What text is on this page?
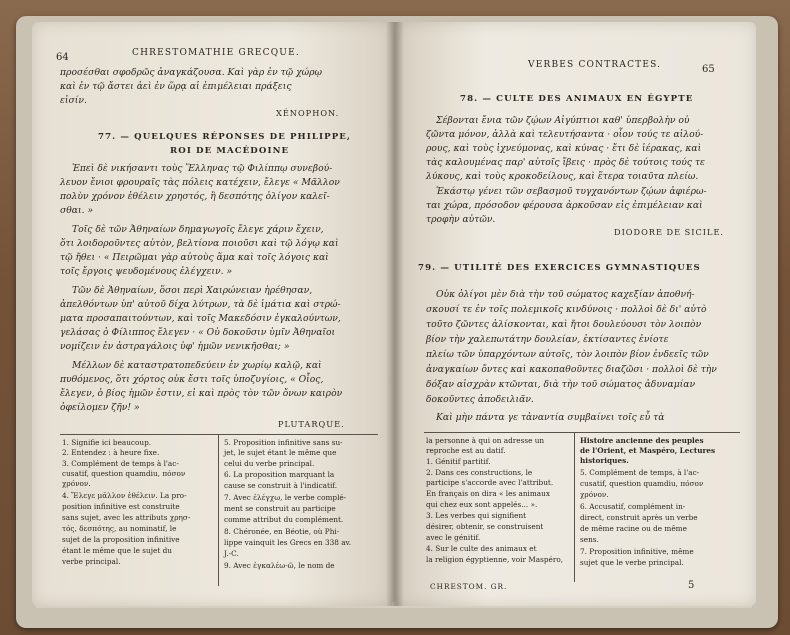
64	CHRESTOMATHIE GRECQUE.
προσέσθαι σφοδρῶς ἀναγκάζουσα. Καὶ γὰρ ἐν τῷ χώρῳ
καὶ ἐν τῷ ἄστει ἀεὶ ἐν ὥρᾳ αἱ ἐπιμέλειαι πράξεις
εἰσίν.
XÉNOPHON.
77. — QUELQUES RÉPONSES DE PHILIPPE,
ROI DE MACÉDOINE
Ἐπεὶ δὲ νικήσαντι τοὺς Ἕλληνας τῷ Φιλίππῳ συνεβού-
λευον ἔνιοι φρουραῖς τὰς πόλεις κατέχειν, ἔλεγε « Μᾶλλον
πολὺν χρόνον ἐθέλειν χρηστός, ἢ δεσπότης ὀλίγον καλεῖ-
σθαι. »
Τοῖς δὲ τῶν Ἀθηναίων δημαγωγοῖς ἔλεγε χάριν ἔχειν,
ὅτι λοιδοροῦντες αὐτὸν, βελτίονα ποιοῦσι καὶ τῷ λόγῳ καὶ
τῷ ἤθει · « Πειρῶμαι γὰρ αὐτοὺς ἅμα καὶ τοῖς λόγοις καὶ
τοῖς ἔργοις ψευδομένους ἐλέγχειν. »
Τῶν δὲ Ἀθηναίων, ὅσοι περὶ Χαιρώνειαν ἡρέθησαν,
ἀπελθόντων ὑπ' αὐτοῦ δίχα λύτρων, τὰ δὲ ἱμάτια καὶ στρώ-
ματα προσαπαιτούντων, καὶ τοῖς Μακεδόσιν ἐγκαλούντων,
γελάσας ὁ Φίλιππος ἔλεγεν · « Οὐ δοκοῦσιν ὑμῖν Ἀθηναῖοι
νομίζειν ἐν ἀστραγάλοις ὑφ' ἡμῶν νενικῆσθαι; »
Μέλλων δὲ καταστρατοπεδεύειν ἐν χωρίῳ καλῷ, καὶ
πυθόμενος, ὅτι χόρτος οὐκ ἔστι τοῖς ὑποζυγίοις, « Οἷος,
ἔλεγεν, ὁ βίος ἡμῶν ἐστιν, εἰ καὶ πρὸς τὸν τῶν ὄνων καιρὸν
ὀφείλομεν ζῆν! »
PLUTARQUE.
1. Signifie ici beaucoup.
2. Entendez : à heure fixe.
3. Complément de temps à l'ac-
cusatif, question quamdiu, πόσον
χρόνον.
4. Ἔλεγε μᾶλλον ἐθέλειν. La pro-
position infinitive est construite
sans sujet, avec les attributs χρησ-
τός, δεσπότης, au nominatif, le
sujet de la proposition infinitive
étant le même que le sujet du
verbe principal.
5. Proposition infinitive sans su-
jet, le sujet étant le même que
celui du verbe principal.
6. La proposition marquant la
cause se construit à l'indicatif.
7. Avec ἐλέγχω, le verbe complé-
ment se construit au participe
comme attribut du complément.
8. Chéronée, en Béotie, où Phi-
lippe vainquit les Grecs en 338 av.
J.-C.
9. Avec ἐγκαλέω-ῶ, le nom de
VERBES CONTRACTES.	65
78. — CULTE DES ANIMAUX EN ÉGYPTE
Σέβονται ἔνια τῶν ζῴων Αἰγύπτιοι καθ' ὑπερβολὴν οὐ
ζῶντα μόνον, ἀλλὰ καὶ τελευτήσαντα · οἷον τούς τε αἰλού-
ρους, καὶ τοὺς ἰχνεύμονας, καὶ κύνας · ἔτι δὲ ἱέρακας, καὶ
τὰς καλουμένας παρ' αὐτοῖς ἴβεις · πρὸς δὲ τούτοις τούς τε
λύκους, καὶ τοὺς κροκοδείλους, καὶ ἕτερα τοιαῦτα πλείω.
Ἑκάστῳ γένει τῶν σεβασμοῦ τυγχανόντων ζῴων ἀφιέρω-
ται χώρα, πρόσοδον φέρουσα ἀρκοῦσαν εἰς ἐπιμέλειαν καὶ
τροφὴν αὐτῶν.
DIODORE DE SICILE.
79. — UTILITÉ DES EXERCICES GYMNASTIQUES
Οὐκ ὀλίγοι μὲν διὰ τὴν τοῦ σώματος καχεξίαν ἀποθνή-
σκουσί τε ἐν τοῖς πολεμικοῖς κινδύνοις · πολλοὶ δὲ δι' αὐτὸ
τοῦτο ζῶντες ἁλίσκονται, καὶ ἤτοι δουλεύουσι τὸν λοιπὸν
βίον τὴν χαλεπωτάτην δουλείαν, ἐκτίσαντες ἐνίοτε
πλείω τῶν ὑπαρχόντων αὐτοῖς, τὸν λοιπὸν βίον ἐνδεεῖς τῶν
ἀναγκαίων ὄντες καὶ κακοπαθοῦντες διαζῶσι · πολλοὶ δὲ τὴν
δόξαν αἰσχρὰν κτῶνται, διὰ τὴν τοῦ σώματος ἀδυναμίαν
δοκοῦντες ἀποδειλιᾶν.
Καὶ μὴν πάντα γε τἀναντία συμβαίνει τοῖς εὖ τὰ
la personne à qui on adresse un
reproche est au datif.
1. Génitif partitif.
2. Dans ces constructions, le
participe s'accorde avec l'attribut.
En français on dira « les animaux
qui chez eux sont appelés... ».
3. Les verbes qui signifient
désirer, obtenir, se construisent
avec le génitif.
4. Sur le culte des animaux et
la religion égyptienne, voir Maspéro,
Histoire ancienne des peuples
de l'Orient, et Maspéro, Lectures
historiques.
5. Complément de temps, à l'ac-
cusatif, question quamdiu, πόσον
χρόνον.
6. Accusatif, complément in-
direct, construit après un verbe
de même racine ou de même
sens.
7. Proposition infinitive, même
sujet que le verbe principal.
CHRESTOM. GR.	5
